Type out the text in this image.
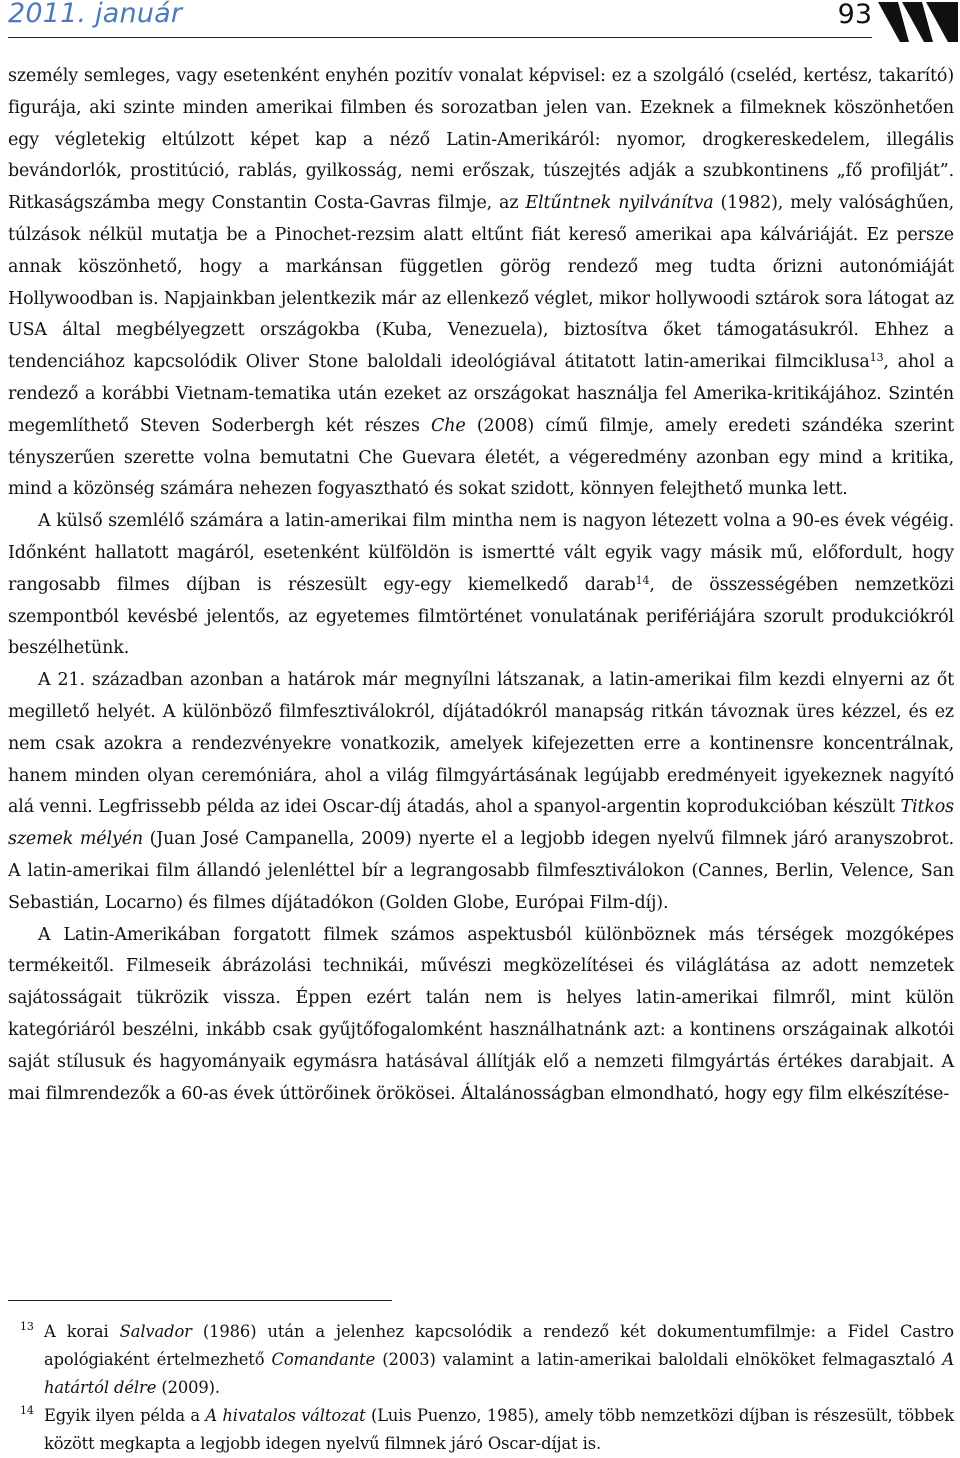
2011. január	93

személy semleges, vagy esetenként enyhén pozitív vonalat képvisel: ez a szolgáló (cseléd, kertész, takarító) figurája, aki szinte minden amerikai filmben és sorozatban jelen van. Ezeknek a filmeknek köszönhetően egy végletekig eltúlzott képet kap a néző Latin-Amerikáról: nyomor, drogkereskedelem, illegális bevándorlók, prostitúció, rablás, gyilkosság, nemi erőszak, túszejtés adják a szubkontinens „fő profilját”. Ritkaságszámba megy Constantin Costa-Gavras filmje, az Eltűntnek nyilvánítva (1982), mely valósághűen, túlzások nélkül mutatja be a Pinochet-rezsim alatt eltűnt fiát kereső amerikai apa kálváriáját. Ez persze annak köszönhető, hogy a markánsan független görög rendező meg tudta őrizni autonómiáját Hollywoodban is. Napjainkban jelentkezik már az ellenkező véglet, mikor hollywoodi sztárok sora látogat az USA által megbélyegzett országokba (Kuba, Venezuela), biztosítva őket támogatásukról. Ehhez a tendenciához kapcsolódik Oliver Stone baloldali ideológiával átitatott latin-amerikai filmciklusa$^{13}$, ahol a rendező a korábbi Vietnam-tematika után ezeket az országokat használja fel Amerika-kritikájához. Szintén megemlíthető Steven Soderbergh két részes Che (2008) című filmje, amely eredeti szándéka szerint tényszerűen szerette volna bemutatni Che Guevara életét, a végeredmény azonban egy mind a kritika, mind a közönség számára nehezen fogyasztható és sokat szidott, könnyen felejthető munka lett.

A külső szemlélő számára a latin-amerikai film mintha nem is nagyon létezett volna a 90-es évek végéig. Időnként hallatott magáról, esetenként külföldön is ismertté vált egyik vagy másik mű, előfordult, hogy rangosabb filmes díjban is részesült egy-egy kiemelkedő darab$^{14}$, de összességében nemzetközi szempontból kevésbé jelentős, az egyetemes filmtörténet vonulatának perifériájára szorult produkciókról beszélhetünk.

A 21. században azonban a határok már megnyílni látszanak, a latin-amerikai film kezdi elnyerni az őt megillető helyét. A különböző filmfesztiválokról, díjátadókról manapság ritkán távoznak üres kézzel, és ez nem csak azokra a rendezvényekre vonatkozik, amelyek kifejezetten erre a kontinensre koncentrálnak, hanem minden olyan ceremóniára, ahol a világ filmgyártásának legújabb eredményeit igyekeznek nagyító alá venni. Legfrissebb példa az idei Oscar-díj átadás, ahol a spanyol-argentin koprodukcióban készült Titkos szemek mélyén (Juan José Campanella, 2009) nyerte el a legjobb idegen nyelvű filmnek járó aranyszobrot. A latin-amerikai film állandó jelenléttel bír a legrangosabb filmfesztiválokon (Cannes, Berlin, Velence, San Sebastián, Locarno) és filmes díjátadókon (Golden Globe, Európai Film-díj).

A Latin-Amerikában forgatott filmek számos aspektusból különböznek más térségek mozgóképes termékeitől. Filmeseik ábrázolási technikái, művészi megközelítései és világlátása az adott nemzetek sajátosságait tükrözik vissza. Éppen ezért talán nem is helyes latin-amerikai filmről, mint külön kategóriáról beszélni, inkább csak gyűjtőfogalomként használhatnánk azt: a kontinens országainak alkotói saját stílusuk és hagyományaik egymásra hatásával állítják elő a nemzeti filmgyártás értékes darabjait. A mai filmrendezők a 60-as évek úttörőinek örökösei. Általánosságban elmondható, hogy egy film elkészítése-

13 A korai Salvador (1986) után a jelenhez kapcsolódik a rendező két dokumentumfilmje: a Fidel Castro apológiaként értelmezhető Comandante (2003) valamint a latin-amerikai baloldali elnököket felmagasztaló A határtól délre (2009).
14 Egyik ilyen példa a A hivatalos változat (Luis Puenzo, 1985), amely több nemzetközi díjban is részesült, többek között megkapta a legjobb idegen nyelvű filmnek járó Oscar-díjat is.
